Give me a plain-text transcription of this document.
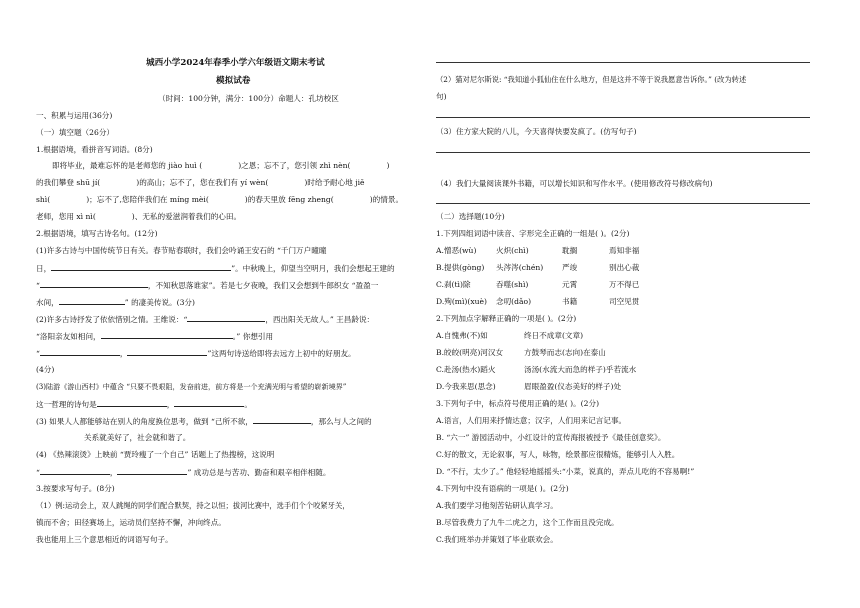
城西小学2024年春季小学六年级语文期末考试
模拟试卷
（时间：100分钟，满分：100分）命题人：孔坊校区
一、积累与运用(36分)
（一）填空题（26分）
1.根据语境，看拼音写词语。(8分)
即将毕业，最难忘怀的是老师您的 jiào huì (	)之恩；忘不了，您引领 zhì nèn(	)
的我们攀登 shū jí(	)的高山；忘不了，您在我们有 yí wèn(	)时给予耐心地 jiě
shì(	)；忘不了,您陪伴我们在 míng mèi(	)的春天里放 fēng zheng(	)的情景。
老师，您用 xì nì(	)、无私的爱滋润着我们的心田。
2.根据语境，填写古诗名句。(12分)
(1)许多古诗与中国传统节日有关。春节贴春联时，我们会吟诵王安石的 “千门万户曈曈
日，	”。中秋晚上，仰望当空明月，我们会想起王建的
“	，不知秋思落谁家”。若是七夕夜晚，我们又会想到牛郎织女 “盈盈一
水间，	” 的凄美传说。(3分)
(2)许多古诗抒发了依依惜别之情。王维说：“	，西出阳关无故人。” 王昌龄说：
“洛阳亲友如相问，	。” 你想引用
“	，	”这两句诗送给即将去远方上初中的好朋友。
(4分)
(3)陆游《游山西村》中蕴含 “只要不畏艰阻，发奋前进，前方将是一个充满光明与希望的崭新境界”
这一哲理的诗句是	，	。
(3) 如果人人都能够站在别人的角度换位思考，做到 “己所不欲，	，那么与人之间的
关系就美好了，社会就和谐了。
(4) 《热辣滚烫》上映前 “贾玲瘦了一个自己” 话题上了热搜榜，这说明
“	，	” 成功总是与苦功、勤奋和艰辛相伴相随。
3.按要求写句子。(8分)
（1）例:运动会上，双人跳绳的同学们配合默契，持之以恒；拔河比赛中，选手们个个咬紧牙关，
镇而不舍；田径赛场上，运动员们坚持不懈，冲向终点。
我也能用上三个意思相近的词语写句子。
（2）猫对尼尔斯说: “我知道小狐仙住在什么地方，但是这并不等于说我愿意告诉你。” (改为转述
句)
（3）住方家大院的八儿，今天喜得快要发疯了。(仿写句子)
（4）我们大量阅读课外书籍，可以增长知识和写作水平。(使用修改符号修改病句)
（二）选择题(10分)
1.下列四组词语中读音、字形完全正确的一组是( )。(2分)
A.憎恶(wù)	火炽(chì)	耽搁	焉知非福
B.提供(gòng) 头涔涔(chén) 严竣	别出心裁
C.刹(tì)除	吞噬(shì)	元霄	万不得已
D.殉(mì)(xuè) 念叨(dǎo)	书籍	司空见贯
2.下列加点字解释正确的一项是( )。(2分)
A.自愧弗(不)如	终日不成章(文章)
B.皎皎(明亮)河汉女	方鼓琴而志(志向)在泰山
C.赴汤(热水)蹈火	汤汤(水流大而急的样子)乎若流水
D.今我来思(思念)	眉眼盈盈(仪态美好的样子)处
3.下列句子中，标点符号使用正确的是( )。(2分)
A.语言，人们用来抒情达意；汉字，人们用来记言记事。
B. “六一” 游园活动中，小红设计的宣传海报被授予《最佳创意奖》。
C.好的散文，无论叙事，写人，咏物，绘景都应很精炼，能够引人入胜。
D. “不行，太少了。” 他轻轻地摇摇头:“小菜，说真的，弄点儿吃的不容易啊!”
4.下列句中没有语病的一项是( )。(2分)
A.我们要学习他刻苦钻研认真学习。
B.尽管我费力了九牛二虎之力，这个工作而且没完成。
C.我们班举办并策划了毕业联欢会。
